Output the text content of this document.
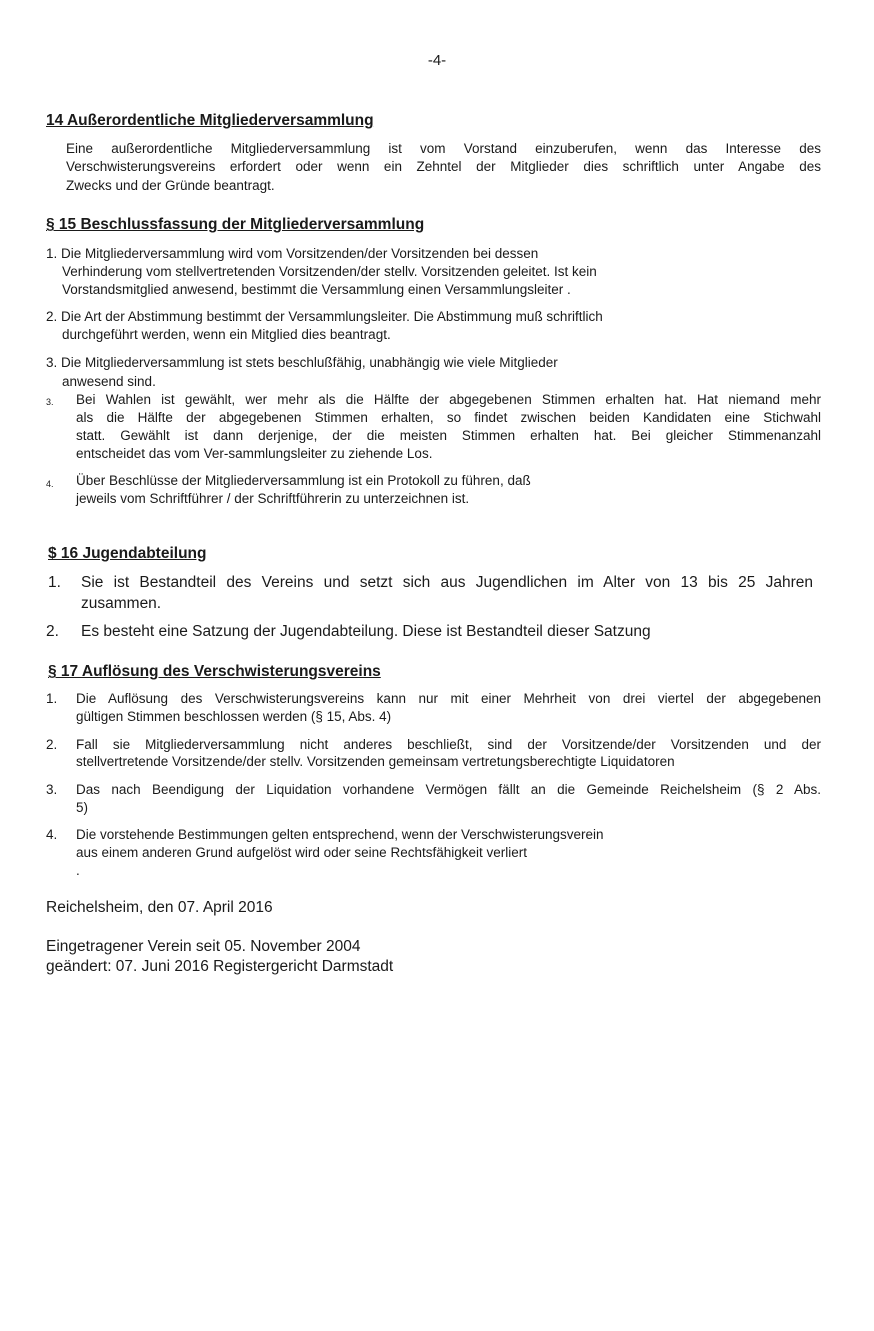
-4-
14 Außerordentliche Mitgliederversammlung
Eine außerordentliche Mitgliederversammlung ist vom Vorstand einzuberufen, wenn das Interesse des
Verschwisterungsvereins erfordert oder wenn ein Zehntel der Mitglieder dies schriftlich unter Angabe des
Zwecks und der Gründe beantragt.
§ 15 Beschlussfassung der Mitgliederversammlung
1. Die Mitgliederversammlung wird vom Vorsitzenden/der Vorsitzenden bei dessen
Verhinderung vom stellvertretenden Vorsitzenden/der stellv. Vorsitzenden geleitet. Ist kein
Vorstandsmitglied anwesend, bestimmt die Versammlung einen Versammlungsleiter .
2. Die Art der Abstimmung bestimmt der Versammlungsleiter. Die Abstimmung muß schriftlich
durchgeführt werden, wenn ein Mitglied dies beantragt.
3. Die Mitgliederversammlung ist stets beschlußfähig, unabhängig wie viele Mitglieder
anwesend sind.
3. Bei Wahlen ist gewählt, wer mehr als die Hälfte der abgegebenen Stimmen erhalten hat. Hat niemand mehr
als die Hälfte der abgegebenen Stimmen erhalten, so findet zwischen beiden Kandidaten eine Stichwahl
statt. Gewählt ist dann derjenige, der die meisten Stimmen erhalten hat. Bei gleicher Stimmenanzahl
entscheidet das vom Ver-sammlungsleiter zu ziehende Los.
4. Über Beschlüsse der Mitgliederversammlung ist ein Protokoll zu führen, daß
jeweils vom Schriftführer / der Schriftführerin zu unterzeichnen ist.
$ 16 Jugendabteilung
1. Sie ist Bestandteil des Vereins und setzt sich aus Jugendlichen im Alter von 13 bis 25 Jahren
zusammen.
2. Es besteht eine Satzung der Jugendabteilung. Diese ist Bestandteil dieser Satzung
§ 17 Auflösung des Verschwisterungsvereins
1. Die Auflösung des Verschwisterungsvereins kann nur mit einer Mehrheit von drei viertel der abgegebenen
gültigen Stimmen beschlossen werden (§ 15, Abs. 4)
2. Fall sie Mitgliederversammlung nicht anderes beschließt, sind der Vorsitzende/der Vorsitzenden und der
stellvertretende Vorsitzende/der stellv. Vorsitzenden gemeinsam vertretungsberechtigte Liquidatoren
3. Das nach Beendigung der Liquidation vorhandene Vermögen fällt an die Gemeinde Reichelsheim (§ 2 Abs.
5)
4. Die vorstehende Bestimmungen gelten entsprechend, wenn der Verschwisterungsverein
aus einem anderen Grund aufgelöst wird oder seine Rechtsfähigkeit verliert
.
Reichelsheim, den 07. April 2016
Eingetragener Verein seit 05. November 2004
geändert: 07. Juni 2016 Registergericht Darmstadt
